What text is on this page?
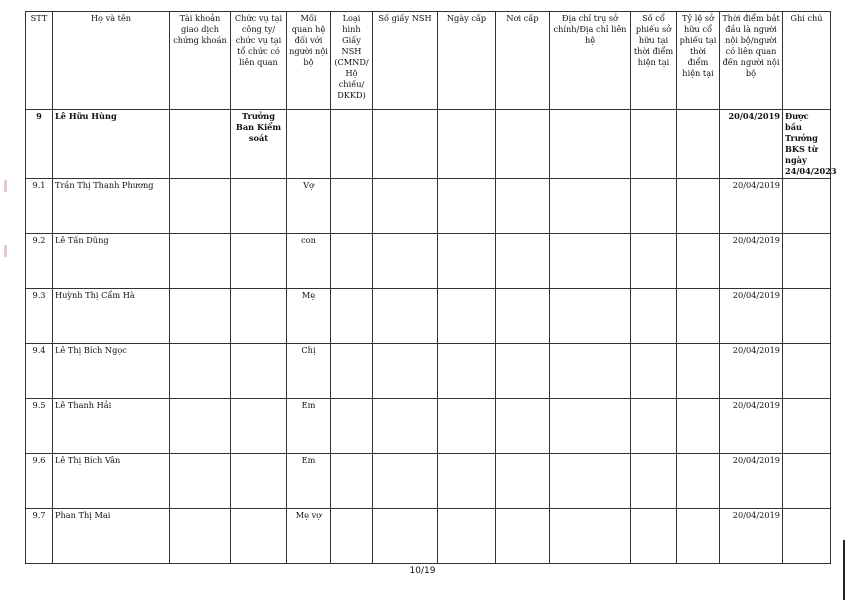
STT	Họ và tên	Tài khoản giao dịch chứng khoán	Chức vụ tại công ty/ chức vụ tại tổ chức có liên quan	Mối quan hệ đối với người nội bộ	Loại hình Giấy NSH (CMND/ Hộ chiếu/ DKKD)	Số giấy NSH	Ngày cấp	Nơi cấp	Địa chỉ trụ sở chính/Địa chỉ liên hệ	Số cổ phiếu sở hữu tại thời điểm hiện tại	Tỷ lệ sở hữu cổ phiếu tại thời điểm hiện tại	Thời điểm bắt đầu là người nội bộ/người có liên quan đến người nội bộ	Ghi chú
9	Lê Hữu Hùng		Trưởng Ban Kiểm soát									20/04/2019	Được bầu Trưởng BKS từ ngày 24/04/2023
9.1	Trần Thị Thanh Phương			Vợ								20/04/2019	
9.2	Lê Tấn Dũng			con								20/04/2019	
9.3	Huỳnh Thị Cẩm Hà			Mẹ								20/04/2019	
9.4	Lê Thị Bích Ngọc			Chị								20/04/2019	
9.5	Lê Thanh Hải			Em								20/04/2019	
9.6	Lê Thị Bích Vân			Em								20/04/2019	
9.7	Phan Thị Mai			Mẹ vợ								20/04/2019	
10/19
